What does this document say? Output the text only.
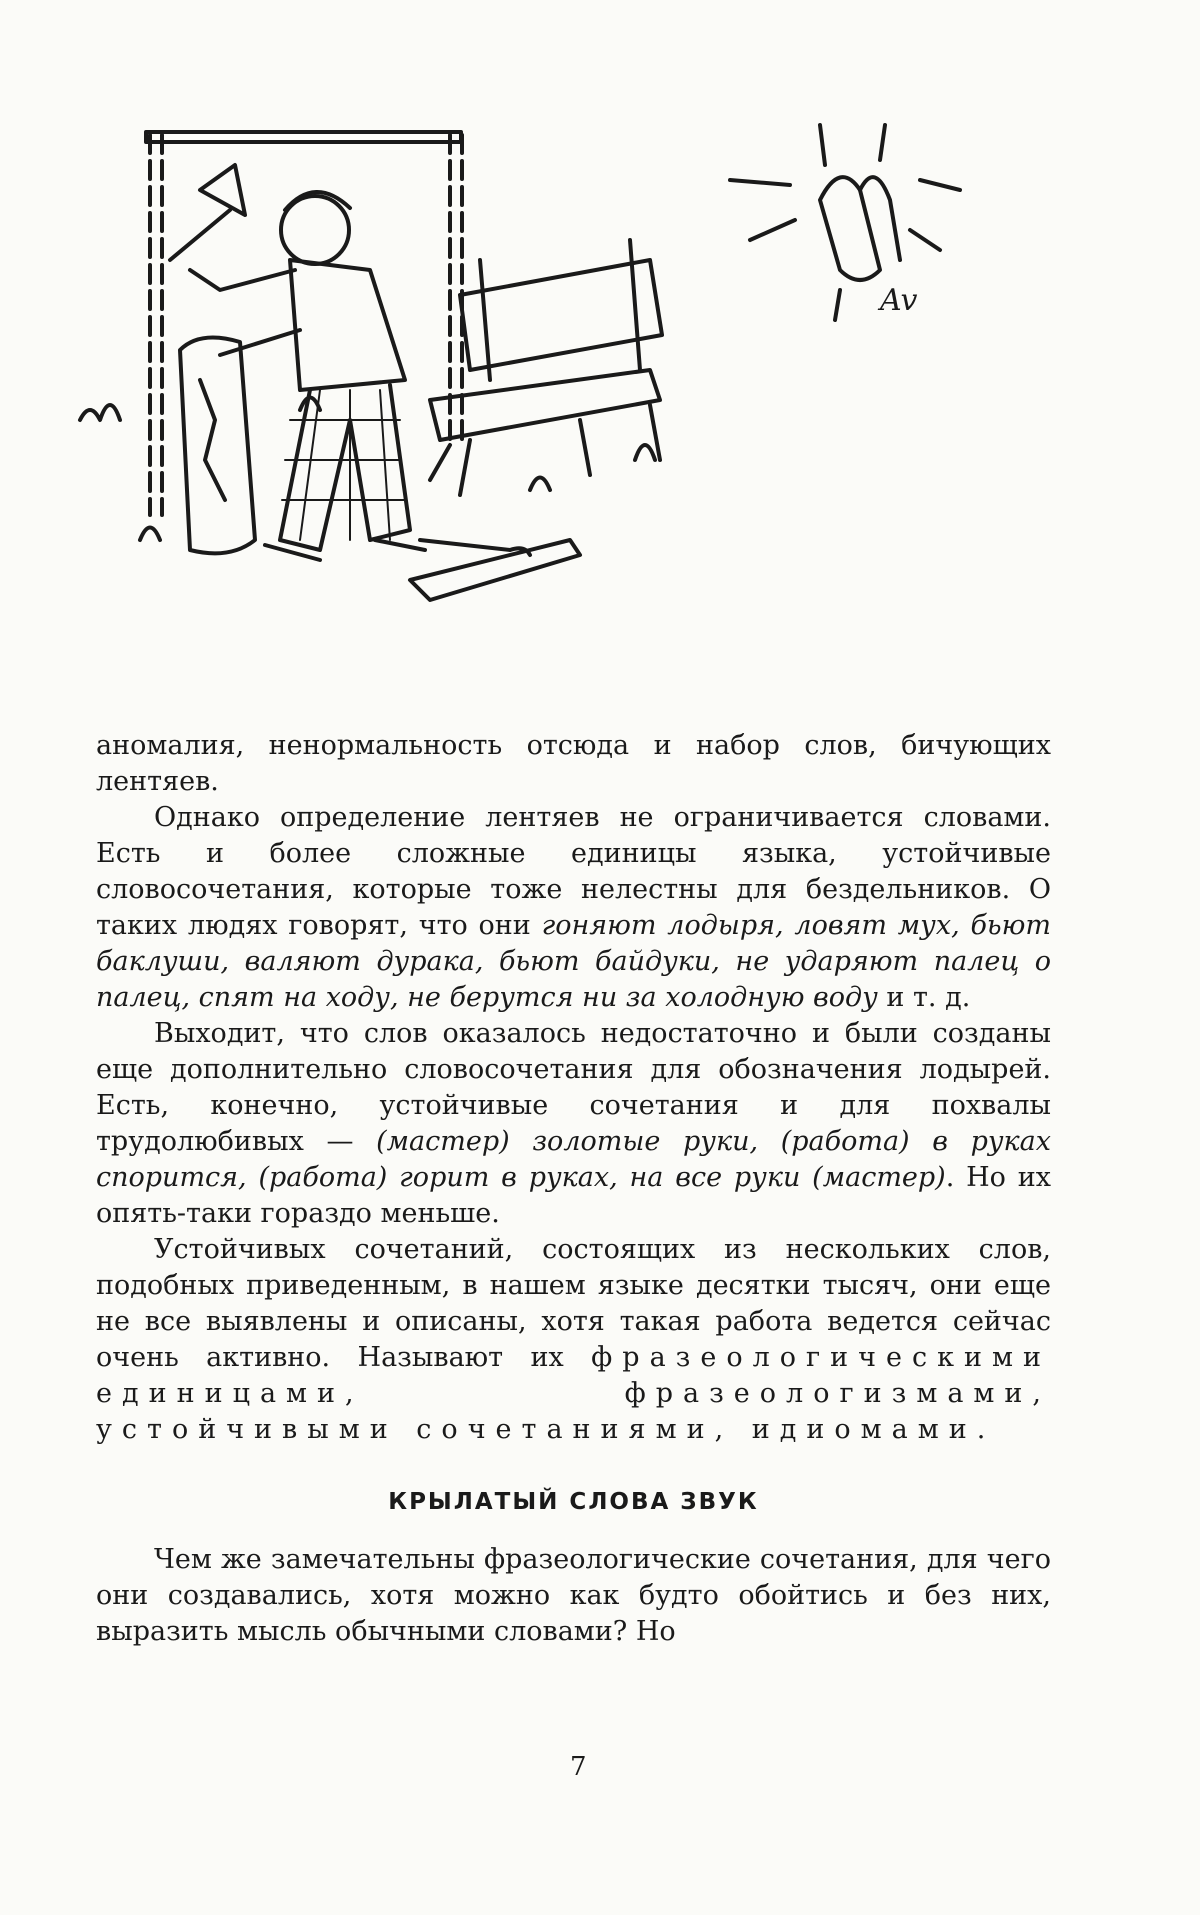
Av

аномалия, ненормальность отсюда и набор слов, бичующих лентяев.

Однако определение лентяев не ограничивается словами. Есть и более сложные единицы языка, устойчивые словосочетания, которые тоже нелестны для бездельников. О таких людях говорят, что они гоняют лодыря, ловят мух, бьют баклуши, валяют дурака, бьют байдуки, не ударяют палец о палец, спят на ходу, не берутся ни за холодную воду и т. д.

Выходит, что слов оказалось недостаточно и были созданы еще дополнительно словосочетания для обозначения лодырей. Есть, конечно, устойчивые сочетания и для похвалы трудолюбивых — (мастер) золотые руки, (работа) в руках спорится, (работа) горит в руках, на все руки (мастер). Но их опять-таки гораздо меньше.

Устойчивых сочетаний, состоящих из нескольких слов, подобных приведенным, в нашем языке десятки тысяч, они еще не все выявлены и описаны, хотя такая работа ведется сейчас очень активно. Называют их фразеологическими единицами, фразеологизмами, устойчивыми сочетаниями, идиомами.

КРЫЛАТЫЙ СЛОВА ЗВУК

Чем же замечательны фразеологические сочетания, для чего они создавались, хотя можно как будто обойтись и без них, выразить мысль обычными словами? Но

7
